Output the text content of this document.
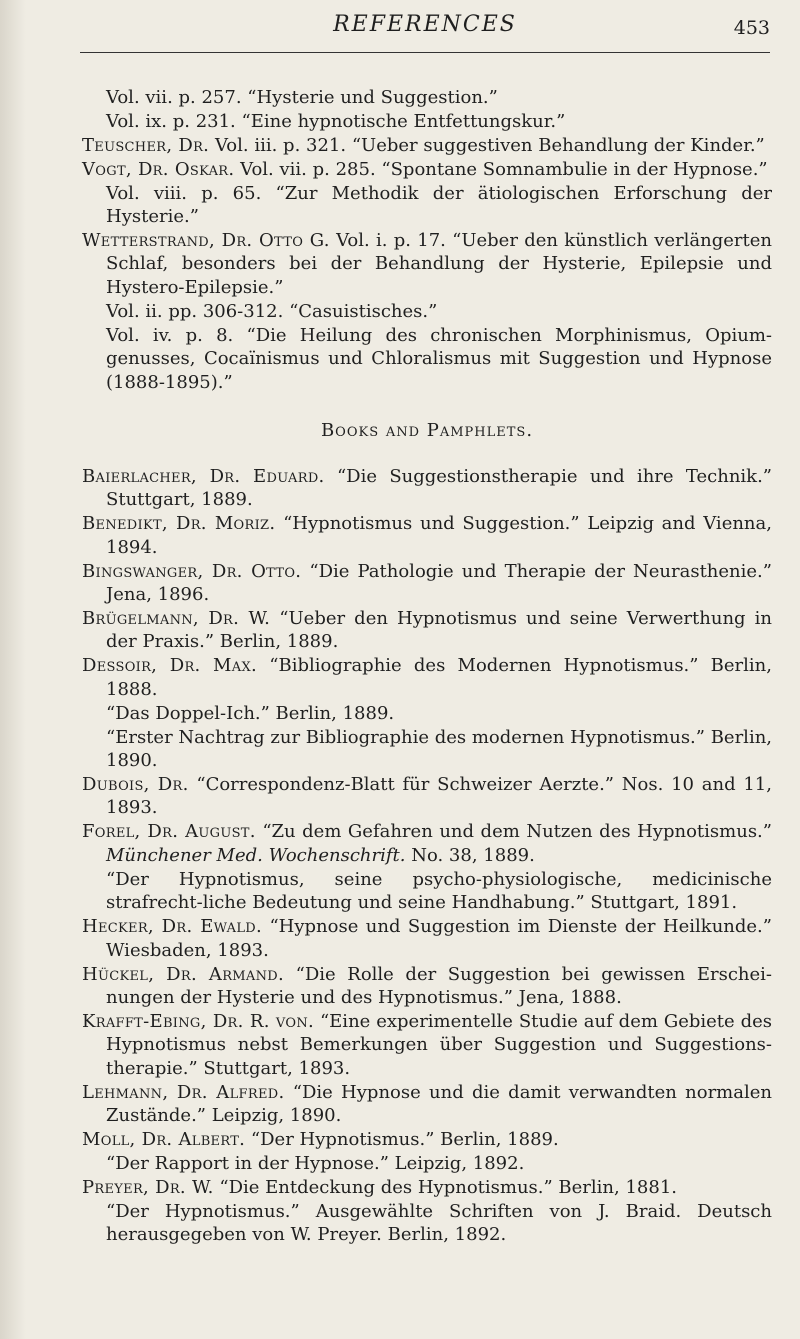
REFERENCES	453
Vol. vii. p. 257. “Hysterie und Suggestion.”
Vol. ix. p. 231. “Eine hypnotische Entfettungskur.”
Teuscher, Dr. Vol. iii. p. 321. “Ueber suggestiven Behandlung der Kinder.”
Vogt, Dr. Oskar. Vol. vii. p. 285. “Spontane Somnambulie in der Hypnose.”
Vol. viii. p. 65. “Zur Methodik der ätiologischen Erforschung der Hysterie.”
Wetterstrand, Dr. Otto G. Vol. i. p. 17. “Ueber den künstlich verlängerten Schlaf, besonders bei der Behandlung der Hysterie, Epilepsie und Hystero-Epilepsie.”
Vol. ii. pp. 306-312. “Casuistisches.”
Vol. iv. p. 8. “Die Heilung des chronischen Morphinismus, Opium-genusses, Cocaïnismus und Chloralismus mit Suggestion und Hypnose (1888-1895).”
Books and Pamphlets.
Baierlacher, Dr. Eduard. “Die Suggestionstherapie und ihre Technik.” Stuttgart, 1889.
Benedikt, Dr. Moriz. “Hypnotismus und Suggestion.” Leipzig and Vienna, 1894.
Bingswanger, Dr. Otto. “Die Pathologie und Therapie der Neurasthenie.” Jena, 1896.
Brügelmann, Dr. W. “Ueber den Hypnotismus und seine Verwerthung in der Praxis.” Berlin, 1889.
Dessoir, Dr. Max. “Bibliographie des Modernen Hypnotismus.” Berlin, 1888.
“Das Doppel-Ich.” Berlin, 1889.
“Erster Nachtrag zur Bibliographie des modernen Hypnotismus.” Berlin, 1890.
Dubois, Dr. “Correspondenz-Blatt für Schweizer Aerzte.” Nos. 10 and 11, 1893.
Forel, Dr. August. “Zu dem Gefahren und dem Nutzen des Hypnotismus.” Münchener Med. Wochenschrift. No. 38, 1889.
“Der Hypnotismus, seine psycho-physiologische, medicinische strafrecht-liche Bedeutung und seine Handhabung.” Stuttgart, 1891.
Hecker, Dr. Ewald. “Hypnose und Suggestion im Dienste der Heilkunde.” Wiesbaden, 1893.
Hückel, Dr. Armand. “Die Rolle der Suggestion bei gewissen Erschei-nungen der Hysterie und des Hypnotismus.” Jena, 1888.
Krafft-Ebing, Dr. R. von. “Eine experimentelle Studie auf dem Gebiete des Hypnotismus nebst Bemerkungen über Suggestion und Suggestions-therapie.” Stuttgart, 1893.
Lehmann, Dr. Alfred. “Die Hypnose und die damit verwandten normalen Zustände.” Leipzig, 1890.
Moll, Dr. Albert. “Der Hypnotismus.” Berlin, 1889.
“Der Rapport in der Hypnose.” Leipzig, 1892.
Preyer, Dr. W. “Die Entdeckung des Hypnotismus.” Berlin, 1881.
“Der Hypnotismus.” Ausgewählte Schriften von J. Braid. Deutsch herausgegeben von W. Preyer. Berlin, 1892.
